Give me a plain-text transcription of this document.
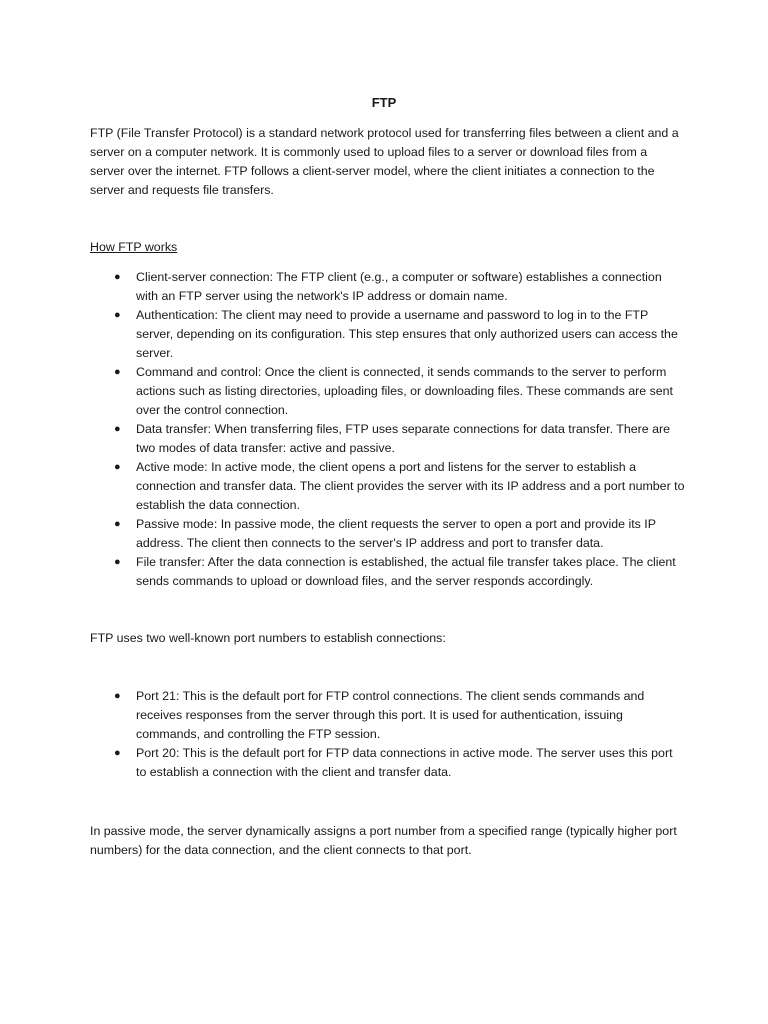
FTP

FTP (File Transfer Protocol) is a standard network protocol used for transferring files between a client and a server on a computer network. It is commonly used to upload files to a server or download files from a server over the internet. FTP follows a client-server model, where the client initiates a connection to the server and requests file transfers.

How FTP works
● Client-server connection: The FTP client (e.g., a computer or software) establishes a connection with an FTP server using the network's IP address or domain name.
● Authentication: The client may need to provide a username and password to log in to the FTP server, depending on its configuration. This step ensures that only authorized users can access the server.
● Command and control: Once the client is connected, it sends commands to the server to perform actions such as listing directories, uploading files, or downloading files. These commands are sent over the control connection.
● Data transfer: When transferring files, FTP uses separate connections for data transfer. There are two modes of data transfer: active and passive.
● Active mode: In active mode, the client opens a port and listens for the server to establish a connection and transfer data. The client provides the server with its IP address and a port number to establish the data connection.
● Passive mode: In passive mode, the client requests the server to open a port and provide its IP address. The client then connects to the server's IP address and port to transfer data.
● File transfer: After the data connection is established, the actual file transfer takes place. The client sends commands to upload or download files, and the server responds accordingly.

FTP uses two well-known port numbers to establish connections:

● Port 21: This is the default port for FTP control connections. The client sends commands and receives responses from the server through this port. It is used for authentication, issuing commands, and controlling the FTP session.
● Port 20: This is the default port for FTP data connections in active mode. The server uses this port to establish a connection with the client and transfer data.

In passive mode, the server dynamically assigns a port number from a specified range (typically higher port numbers) for the data connection, and the client connects to that port.
